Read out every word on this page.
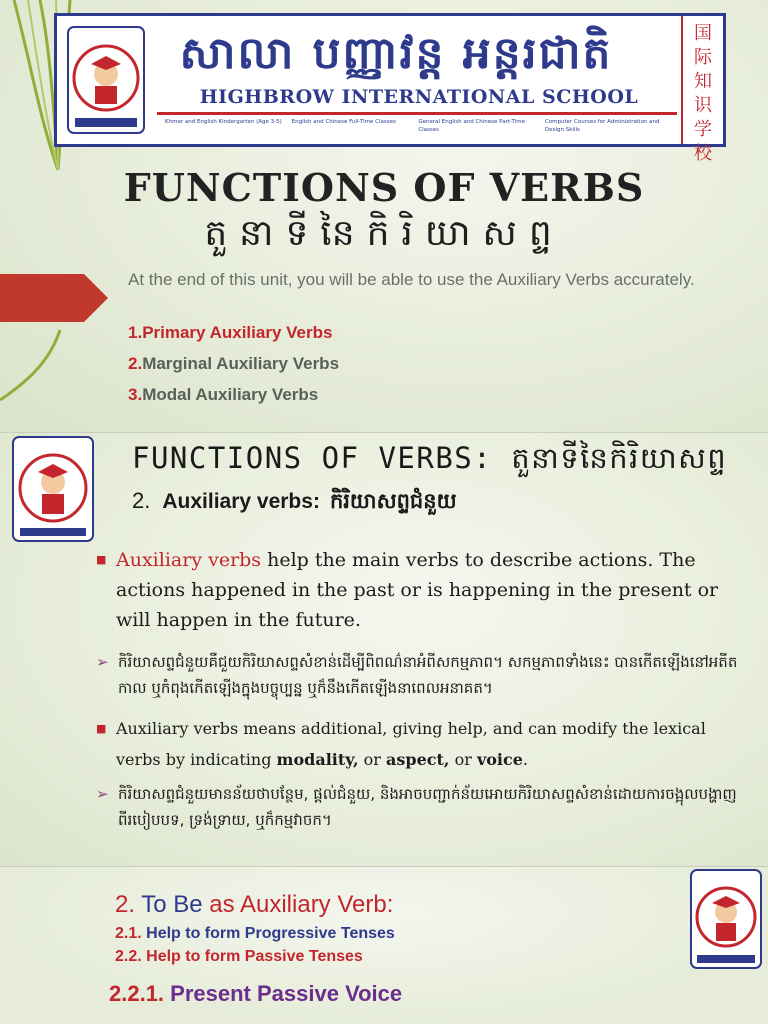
សាលា បញ្ញាវន្ត អន្តរជាតិ
HIGHBROW INTERNATIONAL SCHOOL
Khmer and English Kindergarten (Age 3-5)	English and Chinese Full-Time Classes	General English and Chinese Part-Time Classes
Computer Courses for Administration and Design Skills
国际知识学校
FUNCTIONS OF VERBS
តួនាទីនៃកិរិយាសព្ទ
At the end of this unit, you will be able to use the Auxiliary Verbs accurately.
1.Primary Auxiliary Verbs
2.Marginal Auxiliary Verbs
3.Modal Auxiliary Verbs
FUNCTIONS OF VERBS: តួនាទីនៃកិរិយាសព្ទ
2. Auxiliary verbs: កិរិយាសព្ទជំនួយ
■ Auxiliary verbs help the main verbs to describe actions. The actions happened in the past or is happening in the present or will happen in the future.
➢ កិរិយាសព្ទជំនួយគឺជួយកិរិយាសព្ទសំខាន់ដើម្បីពិពណ៌នាអំពីសកម្មភាព។ សកម្មភាពទាំងនេះ បានកើតឡើងនៅអតីតកាល ឬកំពុងកើតឡើងក្នុងបច្ចុប្បន្ន ឬក៏នឹងកើតឡើងនាពេលអនាគត។
■ Auxiliary verbs means additional, giving help, and can modify the lexical verbs by indicating modality, or aspect, or voice.
➢ កិរិយាសព្ទជំនួយមានន័យថាបន្ថែម, ផ្តល់ជំនួយ, និងអាចបញ្ជាក់ន័យអោយកិរិយាសព្ទសំខាន់ដោយការចង្អុលបង្ហាញពីរបៀបបទ, ទ្រង់ទ្រាយ, ឬក៏កម្មវាចក។
2. To Be as Auxiliary Verb:
2.1. Help to form Progressive Tenses
2.2. Help to form Passive Tenses
2.2.1. Present Passive Voice
